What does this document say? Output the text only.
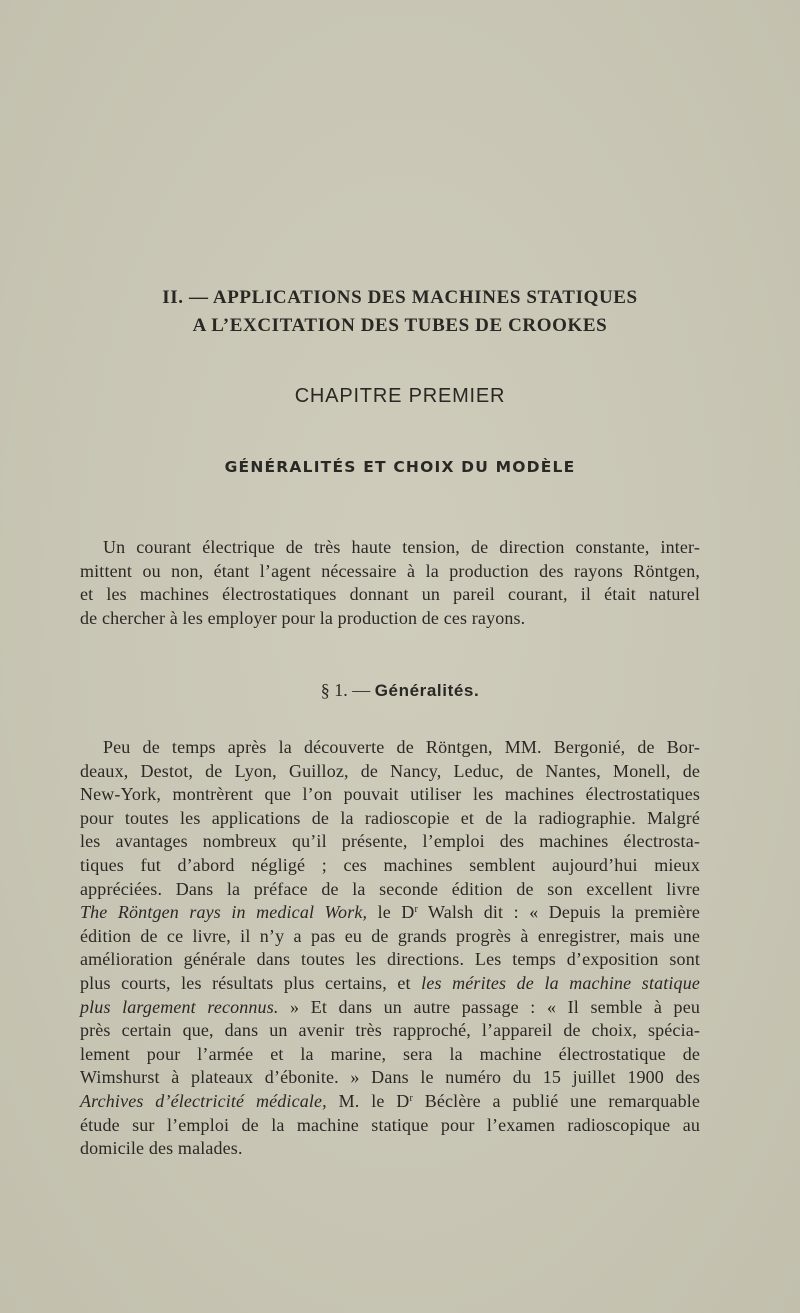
II. — APPLICATIONS DES MACHINES STATIQUES
A L’EXCITATION DES TUBES DE CROOKES
CHAPITRE PREMIER
GÉNÉRALITÉS ET CHOIX DU MODÈLE
Un courant électrique de très haute tension, de direction constante, inter-
mittent ou non, étant l’agent nécessaire à la production des rayons Röntgen,
et les machines électrostatiques donnant un pareil courant, il était naturel
de chercher à les employer pour la production de ces rayons.
§ 1. — Généralités.
Peu de temps après la découverte de Röntgen, MM. Bergonié, de Bor-
deaux, Destot, de Lyon, Guilloz, de Nancy, Leduc, de Nantes, Monell, de
New-York, montrèrent que l’on pouvait utiliser les machines électrostatiques
pour toutes les applications de la radioscopie et de la radiographie. Malgré
les avantages nombreux qu’il présente, l’emploi des machines électrosta-
tiques fut d’abord négligé ; ces machines semblent aujourd’hui mieux
appréciées. Dans la préface de la seconde édition de son excellent livre
The Röntgen rays in medical Work, le $D^r$ Walsh dit : « Depuis la première
édition de ce livre, il n’y a pas eu de grands progrès à enregistrer, mais une
amélioration générale dans toutes les directions. Les temps d’exposition sont
plus courts, les résultats plus certains, et les mérites de la machine statique
plus largement reconnus. » Et dans un autre passage : « Il semble à peu
près certain que, dans un avenir très rapproché, l’appareil de choix, spécia-
lement pour l’armée et la marine, sera la machine électrostatique de
Wimshurst à plateaux d’ébonite. » Dans le numéro du 15 juillet 1900 des
Archives d’électricité médicale, M. le $D^r$ Béclère a publié une remarquable
étude sur l’emploi de la machine statique pour l’examen radioscopique au
domicile des malades.
